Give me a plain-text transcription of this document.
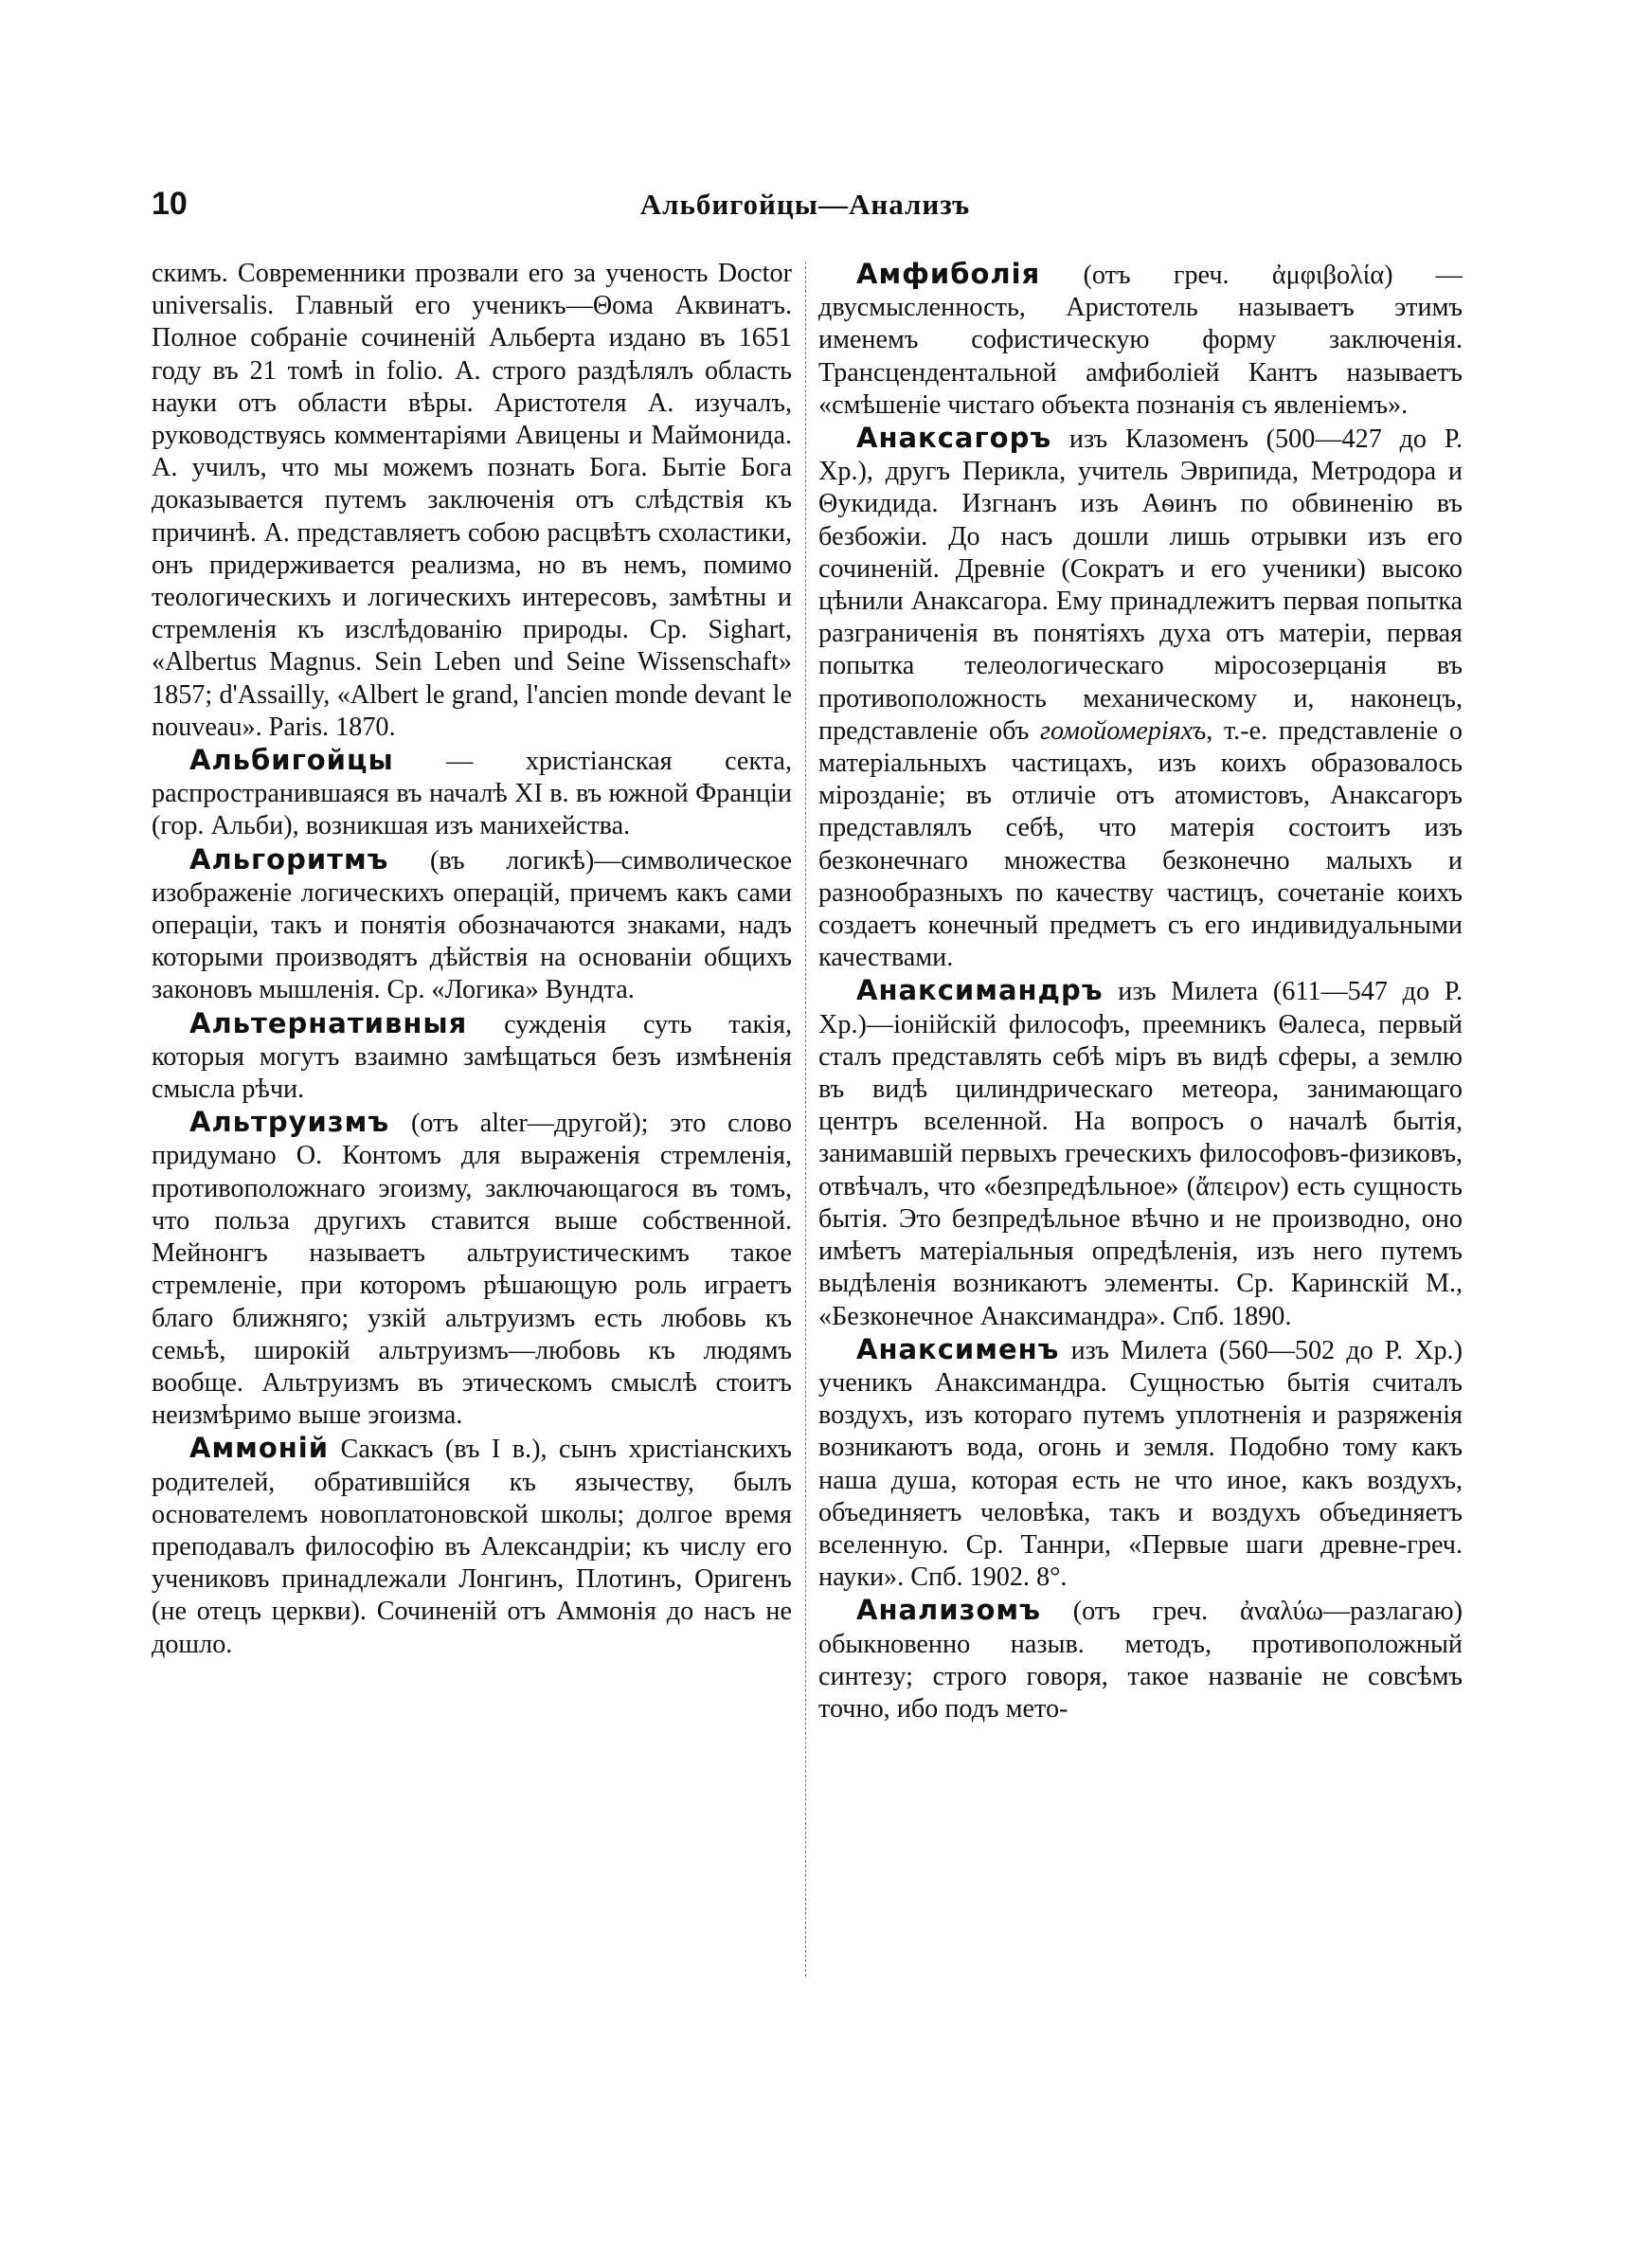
10	Альбигойцы—Анализъ

скимъ. Современники прозвали его за ученость Doctor universalis. Главный его ученикъ—Θома Аквинатъ. Полное собраніе сочиненій Альберта издано въ 1651 году въ 21 томѣ in folio. А. строго раздѣлялъ область науки отъ области вѣры. Аристотеля А. изучалъ, руководствуясь комментаріями Авицены и Маймонида. А. училъ, что мы можемъ познать Бога. Бытіе Бога доказывается путемъ заключенія отъ слѣдствія къ причинѣ. А. представляетъ собою расцвѣтъ схоластики, онъ придерживается реализма, но въ немъ, помимо теологическихъ и логическихъ интересовъ, замѣтны и стремленія къ изслѣдованію природы. Ср. Sighart, «Albertus Magnus. Sein Leben und Seine Wissenschaft» 1857; d'Assailly, «Albert le grand, l'ancien monde devant le nouveau». Paris. 1870.

Альбигойцы — христіанская секта, распространившаяся въ началѣ XI в. въ южной Франціи (гор. Альби), возникшая изъ манихейства.

Альгоритмъ (въ логикѣ)—символическое изображеніе логическихъ операцій, причемъ какъ сами операціи, такъ и понятія обозначаются знаками, надъ которыми производятъ дѣйствія на основаніи общихъ законовъ мышленія. Ср. «Логика» Вундта.

Альтернативныя сужденія суть такія, которыя могутъ взаимно замѣщаться безъ измѣненія смысла рѣчи.

Альтруизмъ (отъ alter—другой); это слово придумано О. Контомъ для выраженія стремленія, противоположнаго эгоизму, заключающагося въ томъ, что польза другихъ ставится выше собственной. Мейнонгъ называетъ альтруистическимъ такое стремленіе, при которомъ рѣшающую роль играетъ благо ближняго; узкій альтруизмъ есть любовь къ семьѣ, широкій альтруизмъ—любовь къ людямъ вообще. Альтруизмъ въ этическомъ смыслѣ стоитъ неизмѣримо выше эгоизма.

Аммоній Саккасъ (въ I в.), сынъ христіанскихъ родителей, обратившійся къ язычеству, былъ основателемъ новоплатоновской школы; долгое время преподавалъ философію въ Александріи; къ числу его учениковъ принадлежали Лонгинъ, Плотинъ, Оригенъ (не отецъ церкви). Сочиненій отъ Аммонія до насъ не дошло.

Амфиболія (отъ греч. ἀμφιβολία) — двусмысленность, Аристотель называетъ этимъ именемъ софистическую форму заключенія. Трансцендентальной амфиболіей Кантъ называетъ «смѣшеніе чистаго объекта познанія съ явленіемъ».

Анаксагоръ изъ Клазоменъ (500—427 до Р. Хр.), другъ Перикла, учитель Эврипида, Метродора и Θукидида. Изгнанъ изъ Аѳинъ по обвиненію въ безбожіи. До насъ дошли лишь отрывки изъ его сочиненій. Древніе (Сократъ и его ученики) высоко цѣнили Анаксагора. Ему принадлежитъ первая попытка разграниченія въ понятіяхъ духа отъ матеріи, первая попытка телеологическаго міросозерцанія въ противоположность механическому и, наконецъ, представленіе объ гомойомеріяхъ, т.-е. представленіе о матеріальныхъ частицахъ, изъ коихъ образовалось мірозданіе; въ отличіе отъ атомистовъ, Анаксагоръ представлялъ себѣ, что матерія состоитъ изъ безконечнаго множества безконечно малыхъ и разнообразныхъ по качеству частицъ, сочетаніе коихъ создаетъ конечный предметъ съ его индивидуальными качествами.

Анаксимандръ изъ Милета (611—547 до Р. Хр.)—іонійскій философъ, преемникъ Θалеса, первый сталъ представлять себѣ міръ въ видѣ сферы, а землю въ видѣ цилиндрическаго метеора, занимающаго центръ вселенной. На вопросъ о началѣ бытія, занимавшій первыхъ греческихъ философовъ-физиковъ, отвѣчалъ, что «безпредѣльное» (ἄπειρον) есть сущность бытія. Это безпредѣльное вѣчно и не производно, оно имѣетъ матеріальныя опредѣленія, изъ него путемъ выдѣленія возникаютъ элементы. Ср. Каринскій М., «Безконечное Анаксимандра». Спб. 1890.

Анаксименъ изъ Милета (560—502 до Р. Хр.) ученикъ Анаксимандра. Сущностью бытія считалъ воздухъ, изъ котораго путемъ уплотненія и разряженія возникаютъ вода, огонь и земля. Подобно тому какъ наша душа, которая есть не что иное, какъ воздухъ, объединяетъ человѣка, такъ и воздухъ объединяетъ вселенную. Ср. Таннри, «Первые шаги древне-греч. науки». Спб. 1902. 8°.

Анализомъ (отъ греч. ἀναλύω—разлагаю) обыкновенно назыв. методъ, противоположный синтезу; строго говоря, такое названіе не совсѣмъ точно, ибо подъ мето-
